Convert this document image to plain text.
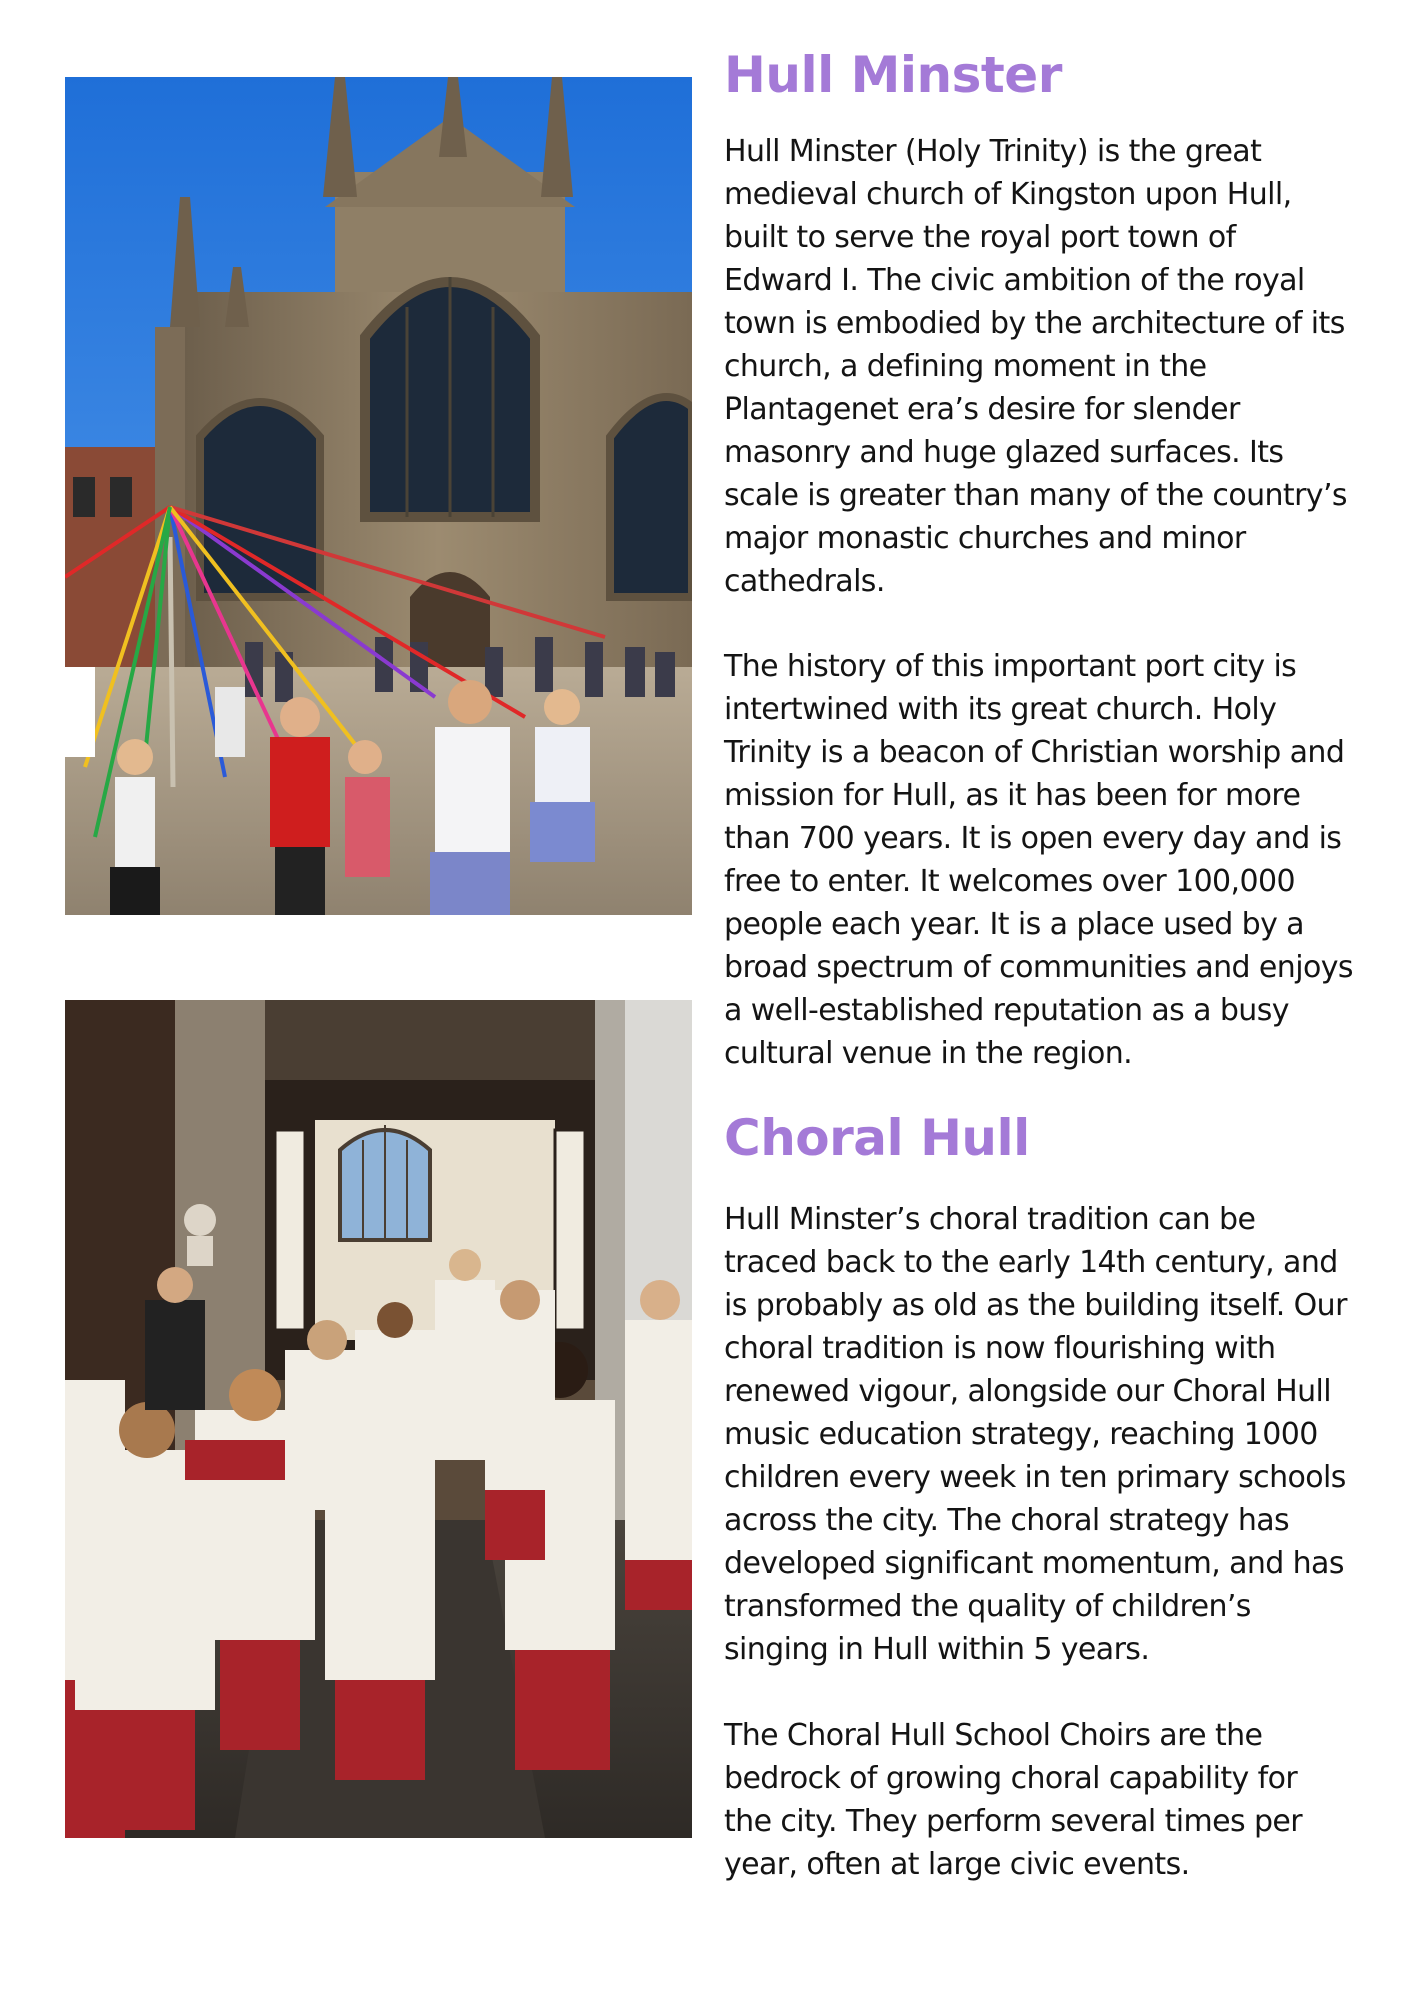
Hull Minster

Hull Minster (Holy Trinity) is the great
medieval church of Kingston upon Hull,
built to serve the royal port town of
Edward I. The civic ambition of the royal
town is embodied by the architecture of its
church, a defining moment in the
Plantagenet era’s desire for slender
masonry and huge glazed surfaces. Its
scale is greater than many of the country’s
major monastic churches and minor
cathedrals.

The history of this important port city is
intertwined with its great church. Holy
Trinity is a beacon of Christian worship and
mission for Hull, as it has been for more
than 700 years. It is open every day and is
free to enter. It welcomes over 100,000
people each year. It is a place used by a
broad spectrum of communities and enjoys
a well-established reputation as a busy
cultural venue in the region.

Choral Hull

Hull Minster’s choral tradition can be
traced back to the early 14th century, and
is probably as old as the building itself. Our
choral tradition is now flourishing with
renewed vigour, alongside our Choral Hull
music education strategy, reaching 1000
children every week in ten primary schools
across the city. The choral strategy has
developed significant momentum, and has
transformed the quality of children’s
singing in Hull within 5 years.

The Choral Hull School Choirs are the
bedrock of growing choral capability for
the city. They perform several times per
year, often at large civic events.
